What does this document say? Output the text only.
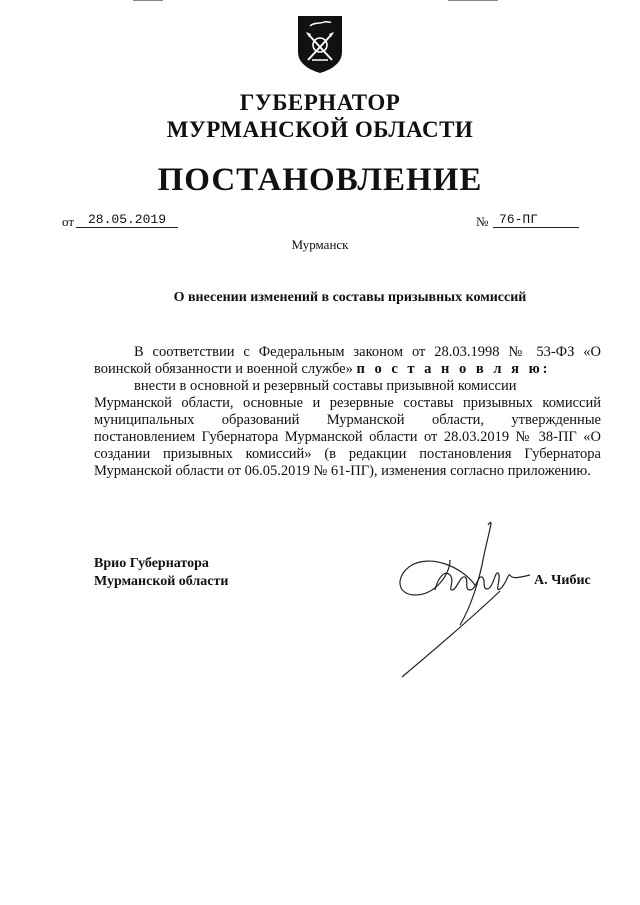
ГУБЕРНАТОР
МУРМАНСКОЙ ОБЛАСТИ
ПОСТАНОВЛЕНИЕ
от	28.05.2019	№ 76-ПГ
Мурманск
О внесении изменений в составы призывных комиссий
В соответствии с Федеральным законом от 28.03.1998 № 53-ФЗ «О воинской обязанности и военной службе» п о с т а н о в л я ю:
внести в основной и резервный составы призывной комиссии
Мурманской области, основные и резервные составы призывных комиссий муниципальных образований Мурманской области, утвержденные постановлением Губернатора Мурманской области от 28.03.2019 № 38-ПГ «О создании призывных комиссий» (в редакции постановления Губернатора Мурманской области от 06.05.2019 № 61-ПГ), изменения согласно приложению.
Врио Губернатора
Мурманской области	А. Чибис
